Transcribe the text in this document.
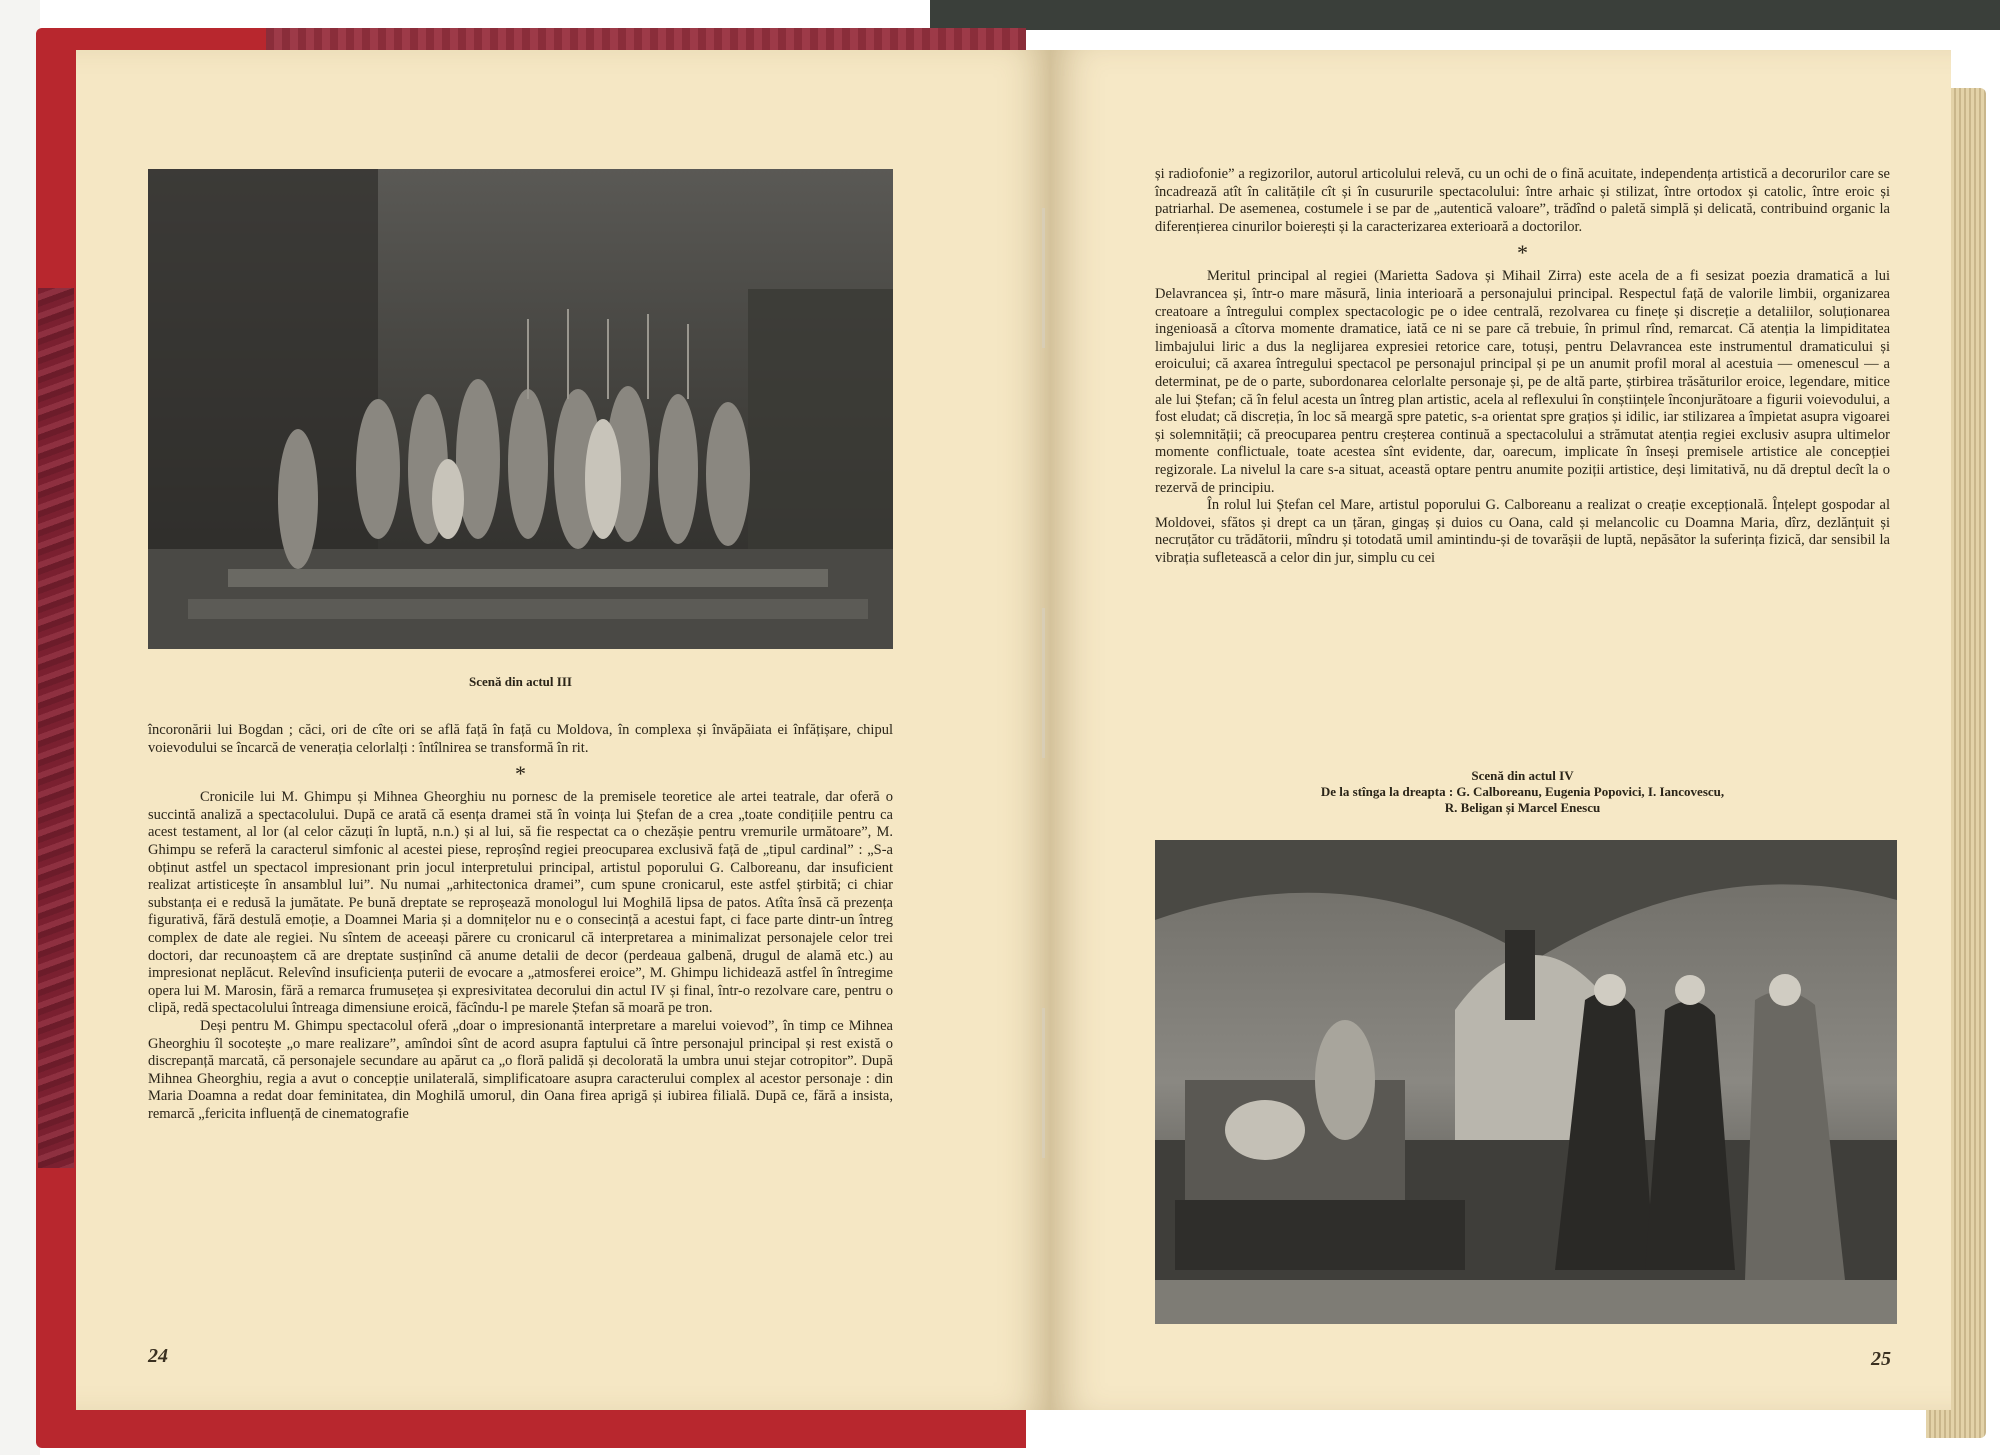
Scenă din actul III

încoronării lui Bogdan ; căci, ori de cîte ori se află față în față cu Moldova, în complexa și învăpăiata ei înfățișare, chipul voievodului se încarcă de venerația celorlalți : întîlnirea se transformă în rit.

*

Cronicile lui M. Ghimpu și Mihnea Gheorghiu nu pornesc de la premisele teoretice ale artei teatrale, dar oferă o succintă analiză a spectacolului. După ce arată că esența dramei stă în voința lui Ștefan de a crea „toate condițiile pentru ca acest testament, al lor (al celor căzuți în luptă, n.n.) și al lui, să fie respectat ca o chezășie pentru vremurile următoare”, M. Ghimpu se referă la caracterul simfonic al acestei piese, reproșînd regiei preocuparea exclusivă față de „tipul cardinal” : „S-a obținut astfel un spectacol impresionant prin jocul interpretului principal, artistul poporului G. Calboreanu, dar insuficient realizat artisticește în ansamblul lui”. Nu numai „arhitectonica dramei”, cum spune cronicarul, este astfel știrbită; ci chiar substanța ei e redusă la jumătate. Pe bună dreptate se reproșează monologul lui Moghilă lipsa de patos. Atîta însă că prezența figurativă, fără destulă emoție, a Doamnei Maria și a domnițelor nu e o consecință a acestui fapt, ci face parte dintr-un întreg complex de date ale regiei. Nu sîntem de aceeași părere cu cronicarul că interpretarea a minimalizat personajele celor trei doctori, dar recunoaștem că are dreptate susținînd că anume detalii de decor (perdeaua galbenă, drugul de alamă etc.) au impresionat neplăcut. Relevînd insuficiența puterii de evocare a „atmosferei eroice”, M. Ghimpu lichidează astfel în întregime opera lui M. Marosin, fără a remarca frumusețea și expresivitatea decorului din actul IV și final, într-o rezolvare care, pentru o clipă, redă spectacolului întreaga dimensiune eroică, făcîndu-l pe marele Ștefan să moară pe tron.

Deși pentru M. Ghimpu spectacolul oferă „doar o impresionantă interpretare a marelui voievod”, în timp ce Mihnea Gheorghiu îl socotește „o mare realizare”, amîndoi sînt de acord asupra faptului că între personajul principal și rest există o discrepanță marcată, că personajele secundare au apărut ca „o floră palidă și decolorată la umbra unui stejar cotropitor”. După Mihnea Gheorghiu, regia a avut o concepție unilaterală, simplificatoare asupra caracterului complex al acestor personaje : din Maria Doamna a redat doar feminitatea, din Moghilă umorul, din Oana firea aprigă și iubirea filială. După ce, fără a insista, remarcă „fericita influență de cinematografie

24

și radiofonie” a regizorilor, autorul articolului relevă, cu un ochi de o fină acuitate, independența artistică a decorurilor care se încadrează atît în calitățile cît și în cusururile spectacolului: între arhaic și stilizat, între ortodox și catolic, între eroic și patriarhal. De asemenea, costumele i se par de „autentică valoare”, trădînd o paletă simplă și delicată, contribuind organic la diferențierea cinurilor boierești și la caracterizarea exterioară a doctorilor.

*

Meritul principal al regiei (Marietta Sadova și Mihail Zirra) este acela de a fi sesizat poezia dramatică a lui Delavrancea și, într-o mare măsură, linia interioară a personajului principal. Respectul față de valorile limbii, organizarea creatoare a întregului complex spectacologic pe o idee centrală, rezolvarea cu finețe și discreție a detaliilor, soluționarea ingenioasă a cîtorva momente dramatice, iată ce ni se pare că trebuie, în primul rînd, remarcat. Că atenția la limpiditatea limbajului liric a dus la neglijarea expresiei retorice care, totuși, pentru Delavrancea este instrumentul dramaticului și eroicului; că axarea întregului spectacol pe personajul principal și pe un anumit profil moral al acestuia — omenescul — a determinat, pe de o parte, subordonarea celorlalte personaje și, pe de altă parte, știrbirea trăsăturilor eroice, legendare, mitice ale lui Ștefan; că în felul acesta un întreg plan artistic, acela al reflexului în conștiințele înconjurătoare a figurii voievodului, a fost eludat; că discreția, în loc să meargă spre patetic, s-a orientat spre grațios și idilic, iar stilizarea a împietat asupra vigoarei și solemnității; că preocuparea pentru creșterea continuă a spectacolului a strămutat atenția regiei exclusiv asupra ultimelor momente conflictuale, toate acestea sînt evidente, dar, oarecum, implicate în înseși premisele artistice ale concepției regizorale. La nivelul la care s-a situat, această optare pentru anumite poziții artistice, deși limitativă, nu dă dreptul decît la o rezervă de principiu.

În rolul lui Ștefan cel Mare, artistul poporului G. Calboreanu a realizat o creație excepțională. Înțelept gospodar al Moldovei, sfătos și drept ca un țăran, gingaș și duios cu Oana, cald și melancolic cu Doamna Maria, dîrz, dezlănțuit și necruțător cu trădătorii, mîndru și totodată umil amintindu-și de tovarășii de luptă, nepăsător la suferința fizică, dar sensibil la vibrația sufletească a celor din jur, simplu cu cei

Scenă din actul IV
De la stînga la dreapta : G. Calboreanu, Eugenia Popovici, I. Iancovescu,
R. Beligan și Marcel Enescu
25
